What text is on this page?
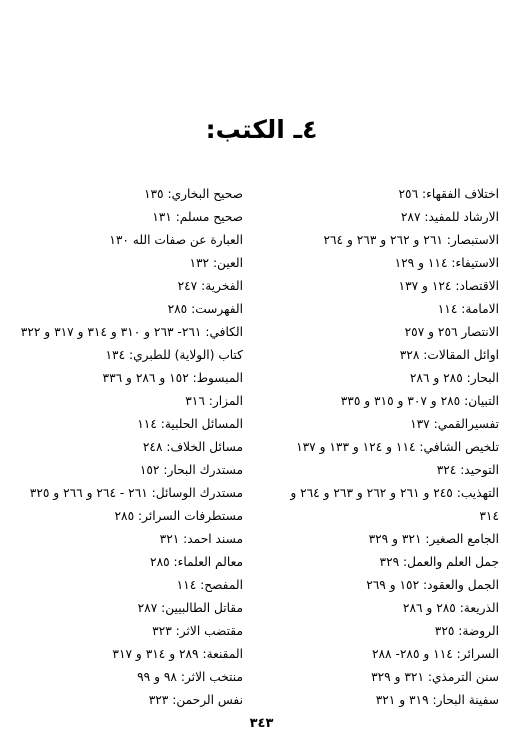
٤ـ الكتب:
اختلاف الفقهاء: ٢٥٦
الارشاد للمفيد: ٢٨٧
الاستبصار: ٢٦١ و ٢٦٢ و ٢٦٣ و ٢٦٤
الاستيفاء: ١١٤ و ١٢٩
الاقتصاد: ١٢٤ و ١٣٧
الامامة: ١١٤
الانتصار ٢٥٦ و ٢٥٧
اوائل المقالات: ٣٢٨
البحار: ٢٨٥ و ٢٨٦
التبيان: ٢٨٥ و ٣٠٧ و ٣١٥ و ٣٣٥
تفسيرالقمي: ١٣٧
تلخيص الشافي: ١١٤ و ١٢٤ و ١٣٣ و ١٣٧
التوحيد: ٣٢٤
التهذيب: ٢٤٥ و ٢٦١ و ٢٦٢ و ٢٦٣ و ٢٦٤ و
٣١٤
الجامع الصغير: ٣٢١ و ٣٢٩
جمل العلم والعمل: ٣٢٩
الجمل والعقود: ١٥٢ و ٢٦٩
الذريعة: ٢٨٥ و ٢٨٦
الروضة: ٣٢٥
السرائر: ١١٤ و ٢٨٥- ٢٨٨
سنن الترمذي: ٣٢١ و ٣٢٩
سفينة البحار: ٣١٩ و ٣٢١
صحيح البخاري: ١٣٥
صحيح مسلم: ١٣١
العبارة عن صفات الله ١٣٠
العين: ١٣٢
الفخرية: ٢٤٧
الفهرست: ٢٨٥
الكافي: ٢٦١- ٢٦٣ و ٣١٠ و ٣١٤ و ٣١٧ و ٣٢٢
كتاب (الولاية) للطبري: ١٣٤
المبسوط: ١٥٢ و ٢٨٦ و ٣٣٦
المزار: ٣١٦
المسائل الحلبية: ١١٤
مسائل الخلاف: ٢٤٨
مستدرك البحار: ١٥٢
مستدرك الوسائل: ٢٦١ - ٢٦٤ و ٢٦٦ و ٣٢٥
مستطرفات السرائر: ٢٨٥
مسند احمد: ٣٢١
معالم العلماء: ٢٨٥
المفصح: ١١٤
مقاتل الطالبيين: ٢٨٧
مقتضب الاثر: ٣٢٣
المقنعة: ٢٨٩ و ٣١٤ و ٣١٧
منتخب الاثر: ٩٨ و ٩٩
نفس الرحمن: ٣٢٣
٣٤٣
